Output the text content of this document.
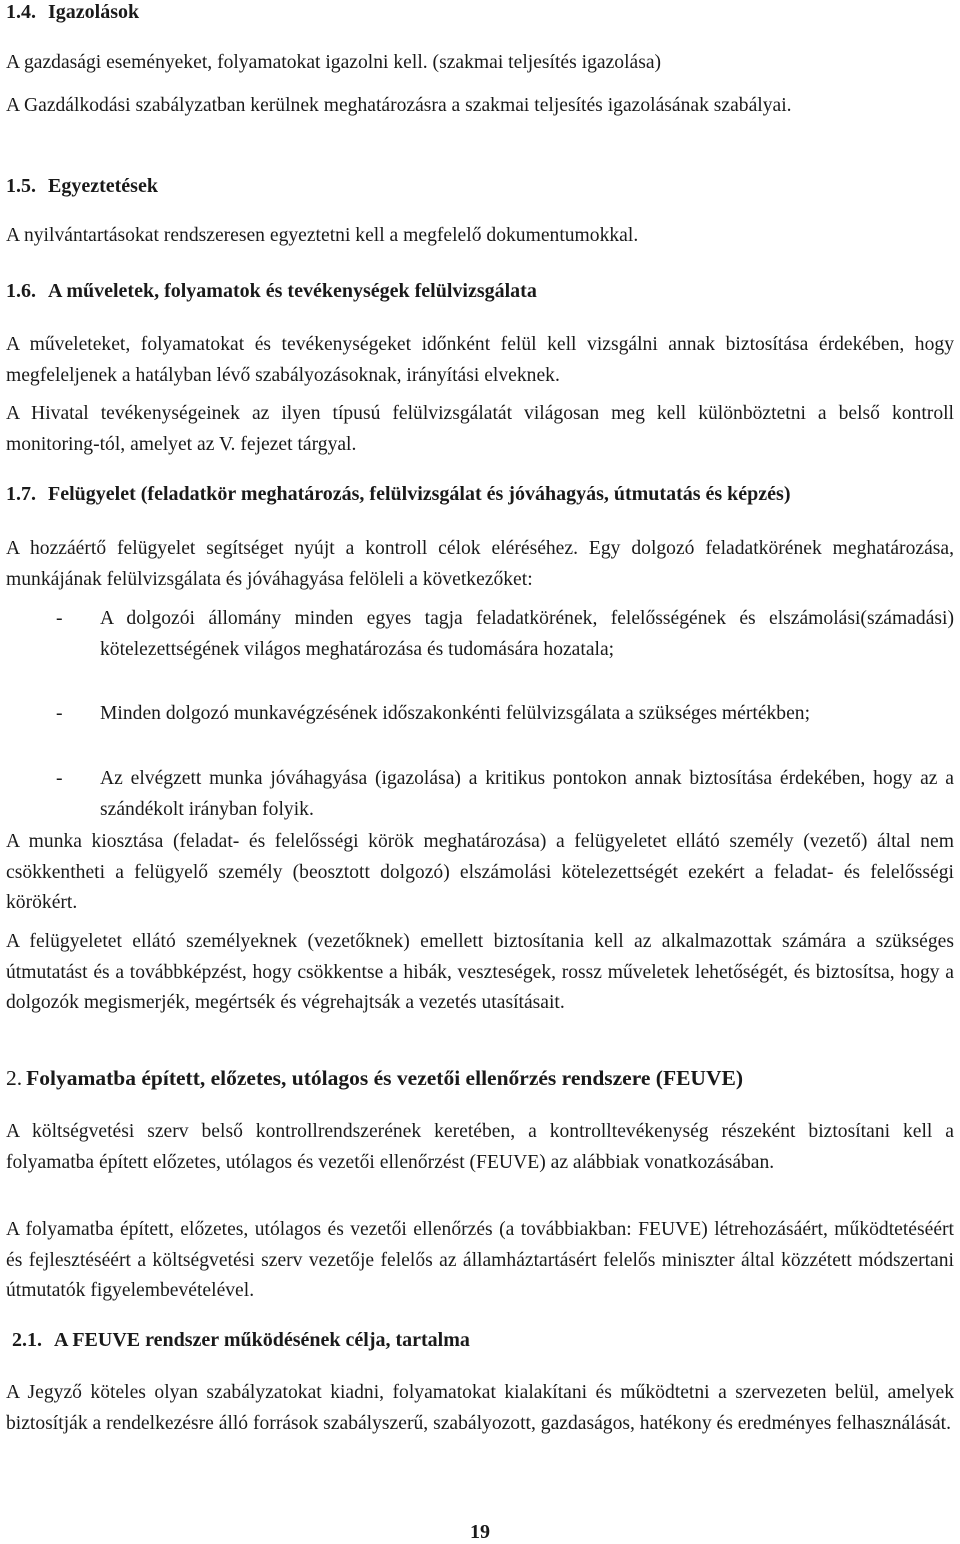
1.4. Igazolások

A gazdasági eseményeket, folyamatokat igazolni kell. (szakmai teljesítés igazolása)

A Gazdálkodási szabályzatban kerülnek meghatározásra a szakmai teljesítés igazolásának szabályai.

1.5. Egyeztetések

A nyilvántartásokat rendszeresen egyeztetni kell a megfelelő dokumentumokkal.

1.6. A műveletek, folyamatok és tevékenységek felülvizsgálata

A műveleteket, folyamatokat és tevékenységeket időnként felül kell vizsgálni annak biztosítása érdekében, hogy megfeleljenek a hatályban lévő szabályozásoknak, irányítási elveknek.

A Hivatal tevékenységeinek az ilyen típusú felülvizsgálatát világosan meg kell különböztetni a belső kontroll monitoring-tól, amelyet az V. fejezet tárgyal.

1.7. Felügyelet (feladatkör meghatározás, felülvizsgálat és jóváhagyás, útmutatás és képzés)

A hozzáértő felügyelet segítséget nyújt a kontroll célok eléréséhez. Egy dolgozó feladatkörének meghatározása, munkájának felülvizsgálata és jóváhagyása felöleli a következőket:

- A dolgozói állomány minden egyes tagja feladatkörének, felelősségének és elszámolási(számadási) kötelezettségének világos meghatározása és tudomására hozatala;
- Minden dolgozó munkavégzésének időszakonkénti felülvizsgálata a szükséges mértékben;
- Az elvégzett munka jóváhagyása (igazolása) a kritikus pontokon annak biztosítása érdekében, hogy az a szándékolt irányban folyik.

A munka kiosztása (feladat- és felelősségi körök meghatározása) a felügyeletet ellátó személy (vezető) által nem csökkentheti a felügyelő személy (beosztott dolgozó) elszámolási kötelezettségét ezekért a feladat- és felelősségi körökért.

A felügyeletet ellátó személyeknek (vezetőknek) emellett biztosítania kell az alkalmazottak számára a szükséges útmutatást és a továbbképzést, hogy csökkentse a hibák, veszteségek, rossz műveletek lehetőségét, és biztosítsa, hogy a dolgozók megismerjék, megértsék és végrehajtsák a vezetés utasításait.

2. Folyamatba épített, előzetes, utólagos és vezetői ellenőrzés rendszere (FEUVE)

A költségvetési szerv belső kontrollrendszerének keretében, a kontrolltevékenység részeként biztosítani kell a folyamatba épített előzetes, utólagos és vezetői ellenőrzést (FEUVE) az alábbiak vonatkozásában.

A folyamatba épített, előzetes, utólagos és vezetői ellenőrzés (a továbbiakban: FEUVE) létrehozásáért, működtetéséért és fejlesztéséért a költségvetési szerv vezetője felelős az államháztartásért felelős miniszter által közzétett módszertani útmutatók figyelembevételével.

2.1. A FEUVE rendszer működésének célja, tartalma

A Jegyző köteles olyan szabályzatokat kiadni, folyamatokat kialakítani és működtetni a szervezeten belül, amelyek biztosítják a rendelkezésre álló források szabályszerű, szabályozott, gazdaságos, hatékony és eredményes felhasználását.

19
